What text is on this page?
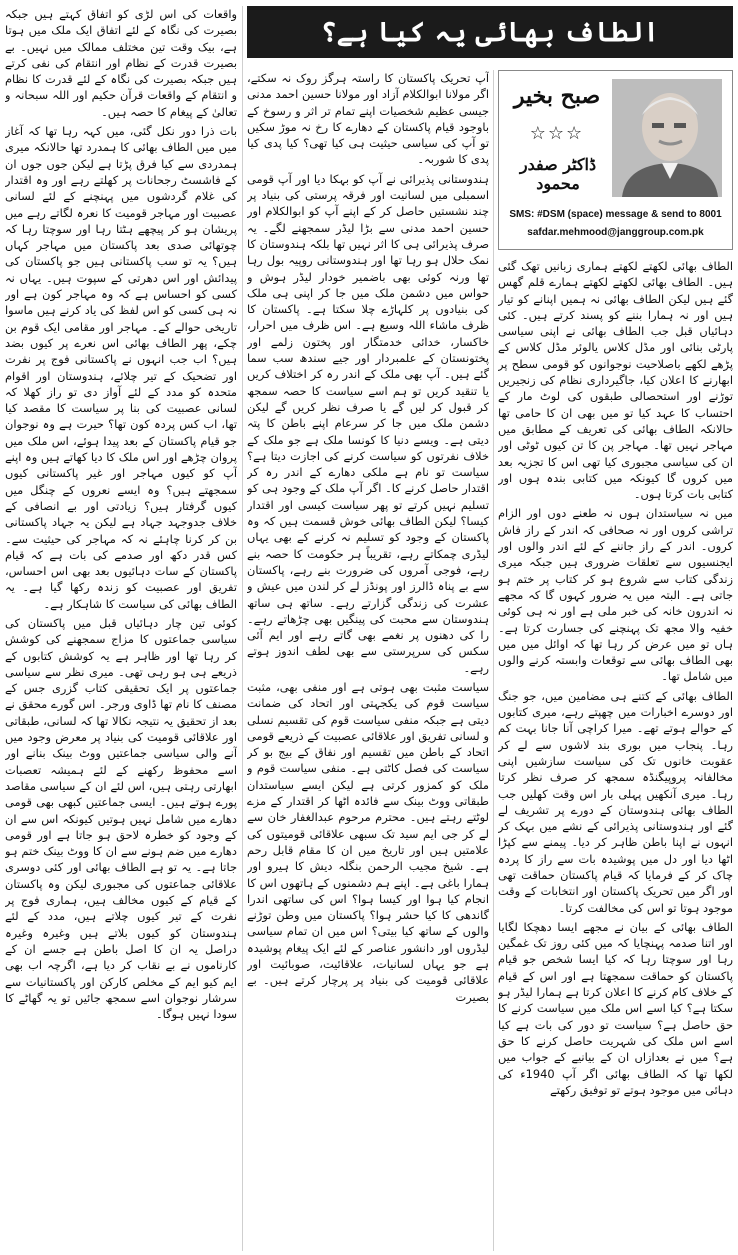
واقعات کی اس لڑی کو اتفاق کہتے ہیں جبکہ بصیرت کی نگاہ کے لئے اتفاق ایک ملک میں ہوتا ہے، بیک وقت تین مختلف ممالک میں نہیں۔ بے بصیرت قدرت کے نظام اور انتقام کی نفی کرتے ہیں جبکہ بصیرت کی نگاہ کے لئے قدرت کا نظام و انتقام کے واقعات قرآن حکیم اور اللہ سبحانہ و تعالیٰ کے پیغام کا حصہ ہیں۔

بات ذرا دور نکل گئی، میں کہہ رہا تھا کہ آغاز میں میں الطاف بھائی کا ہمدرد تھا حالانکہ میری ہمدردی سے کیا فرق پڑتا ہے لیکن جوں جوں ان کے فاشسٹ رجحانات پر کھلتے رہے اور وہ اقتدار کی غلام گردشوں میں پہنچنے کے لئے لسانی عصبیت اور مہاجر قومیت کا نعرہ لگاتے رہے میں پریشان ہو کر پیچھے ہٹتا رہا اور سوچتا رہا کہ چوتھائی صدی بعد پاکستان میں مہاجر کہاں ہیں؟ یہ تو سب پاکستانی ہیں جو پاکستان کی پیدائش اور اس دھرتی کے سپوت ہیں۔ یہاں نہ کسی کو احساس ہے کہ وہ مہاجر کون ہے اور نہ ہی کسی کو اس لفظ کی یاد کرنے ہیں ماسوا تاریخی حوالے کے۔ مہاجر اور مقامی ایک قوم بن چکے، پھر الطاف بھائی اس نعرے پر کیوں بضد ہیں؟ اب جب انہوں نے پاکستانی فوج پر نفرت اور تضحیک کے تیر چلائے، ہندوستان اور اقوام متحدہ کو مدد کے لئے آواز دی تو راز کھلا کہ لسانی عصبیت کی بنا پر سیاست کا مقصد کیا تھا، اب کس پردہ کون تھا؟ حیرت ہے وہ نوجوان جو قیام پاکستان کے بعد پیدا ہوئے، اس ملک میں پروان چڑھے اور اس ملک کا دیا کھاتے ہیں وہ اپنے آپ کو کیوں مہاجر اور غیر پاکستانی کیوں سمجھتے ہیں؟ وہ ایسے نعروں کے چنگل میں کیوں گرفتار ہیں؟ زیادتی اور بے انصافی کے خلاف جدوجہد جہاد ہے لیکن یہ جہاد پاکستانی بن کر کرنا چاہئے نہ کہ مہاجر کی حیثیت سے۔ کس قدر دکھ اور صدمے کی بات ہے کہ قیام پاکستان کے سات دہائیوں بعد بھی اس احساس، تفریق اور عصبیت کو زندہ رکھا گیا ہے۔ یہ الطاف بھائی کی سیاست کا شاہکار ہے۔

کوئی تین چار دہائیاں قبل میں پاکستان کی سیاسی جماعتوں کا مزاج سمجھنے کی کوشش کر رہا تھا اور ظاہر ہے یہ کوشش کتابوں کے ذریعے ہی ہو رہی تھی۔ میری نظر سے سیاسی جماعتوں پر ایک تحقیقی کتاب گزری جس کے مصنف کا نام تھا ڈاوی ورجر۔ اس گورے محقق نے بعد از تحقیق یہ نتیجہ نکالا تھا کہ لسانی، طبقاتی اور علاقائی قومیت کی بنیاد پر معرض وجود میں آنے والی سیاسی جماعتیں ووٹ بینک بنانے اور اسے محفوظ رکھنے کے لئے ہمیشہ تعصبات ابھارتی رہتی ہیں، اس لئے ان کے سیاسی مقاصد پورے ہوتے ہیں۔ ایسی جماعتیں کبھی بھی قومی دھارے میں شامل نہیں ہوتیں کیونکہ اس سے ان کے وجود کو خطرہ لاحق ہو جاتا ہے اور قومی دھارے میں ضم ہونے سے ان کا ووٹ بینک ختم ہو جاتا ہے۔ یہ تو ہے الطاف بھائی اور کئی دوسری علاقائی جماعتوں کی مجبوری لیکن وہ پاکستان کے قیام کے کیوں مخالف ہیں، ہماری فوج پر نفرت کے تیر کیوں چلاتے ہیں، مدد کے لئے ہندوستان کو کیوں بلاتے ہیں وغیرہ وغیرہ دراصل یہ ان کا اصل باطن ہے جسے ان کے کارناموں نے بے نقاب کر دیا ہے، اگرچہ اب بھی ایم کیو ایم کے مخلص کارکن اور پاکستانیات سے سرشار نوجوان اسے سمجھ جائیں تو یہ گھاٹے کا سودا نہیں ہوگا۔

الطاف بھائی یہ کیا ہے؟

آپ تحریک پاکستان کا راستہ ہرگز روک نہ سکتے، اگر مولانا ابوالکلام آزاد اور مولانا حسین احمد مدنی جیسی عظیم شخصیات اپنے تمام تر اثر و رسوخ کے باوجود قیام پاکستان کے دھارے کا رخ نہ موڑ سکیں تو آپ کی سیاسی حیثیت ہی کیا تھی؟ کیا پدی کیا پدی کا شوربہ۔

ہندوستانی پذیرائی نے آپ کو بہکا دیا اور آپ قومی اسمبلی میں لسانیت اور فرقہ پرستی کی بنیاد پر چند نشستیں حاصل کر کے اپنے آپ کو ابوالکلام اور حسین احمد مدنی سے بڑا لیڈر سمجھنے لگے۔ یہ صرف پذیرائی ہی کا اثر نہیں تھا بلکہ ہندوستان کا نمک حلال ہو رہا تھا اور ہندوستانی روپیہ بول رہا تھا ورنہ کوئی بھی باضمیر خودار لیڈر ہوش و حواس میں دشمن ملک میں جا کر اپنی ہی ملک کی بنیادوں پر کلہاڑے چلا سکتا ہے۔ پاکستان کا ظرف ماشاء اللہ وسیع ہے۔ اس ظرف میں احرار، خاکسار، خدائی خدمتگار اور پختون زلمے اور پختونستان کے علمبردار اور جیے سندھ سب سما گئے ہیں۔ آپ بھی ملک کے اندر رہ کر اختلاف کریں یا تنقید کریں تو ہم اسے سیاست کا حصہ سمجھ کر قبول کر لیں گے یا صرف نظر کریں گے لیکن دشمن ملک میں جا کر سرعام اپنے باطن کا پتہ دیتی ہے۔ ویسے دنیا کا کونسا ملک ہے جو ملک کے خلاف نفرتوں کو سیاست کرنے کی اجازت دیتا ہے؟ سیاست تو نام ہے ملکی دھارے کے اندر رہ کر اقتدار حاصل کرنے کا۔ اگر آپ ملک کے وجود ہی کو تسلیم نہیں کرتے تو پھر سیاست کیسی اور اقتدار کیسا؟ لیکن الطاف بھائی خوش قسمت ہیں کہ وہ پاکستان کے وجود کو تسلیم نہ کرنے کے بھی یہاں لیڈری چمکاتے رہے، تقریباً ہر حکومت کا حصہ بنے رہے، فوجی آمروں کی ضرورت بنے رہے، پاکستان سے بے پناہ ڈالرز اور پونڈز لے کر لندن میں عیش و عشرت کی زندگی گزارتے رہے۔ ساتھ ہی ساتھ ہندوستان سے محبت کی پینگیں بھی چڑھاتے رہے۔ را کی دھنوں پر نغمے بھی گاتے رہے اور ایم آئی سکس کی سرپرستی سے بھی لطف اندوز ہوتے رہے۔

سیاست مثبت بھی ہوتی ہے اور منفی بھی، مثبت سیاست قوم کی یکجہتی اور اتحاد کی ضمانت دیتی ہے جبکہ منفی سیاست قوم کی تقسیم نسلی و لسانی تفریق اور علاقائی عصبیت کے ذریعے قومی اتحاد کے باطن میں تقسیم اور نفاق کے بیج بو کر سیاست کی فصل کاٹتی ہے۔ منفی سیاست قوم و ملک کو کمزور کرتی ہے لیکن ایسے سیاستدان طبقاتی ووٹ بینک سے فائدہ اٹھا کر اقتدار کے مزے لوٹتے رہتے ہیں۔ محترم مرحوم عبدالغفار خان سے لے کر جی ایم سید تک سبھی علاقائی قومیتوں کی علامتیں ہیں اور تاریخ میں ان کا مقام قابل رحم ہے۔ شیخ مجیب الرحمن بنگلہ دیش کا ہیرو اور ہمارا باغی ہے۔ اپنے ہم دشمنوں کے ہاتھوں اس کا انجام کیا ہوا اور کیسا ہوا؟ اس کی ساتھی اندرا گاندھی کا کیا حشر ہوا؟ پاکستان میں وطن توڑنے والوں کے ساتھ کیا بیتی؟ اس میں ان تمام سیاسی لیڈروں اور دانشور عناصر کے لئے ایک پیغام پوشیدہ ہے جو یہاں لسانیات، علاقائیت، صوبائیت اور علاقائی قومیت کی بنیاد پر پرچار کرتے ہیں۔ بے بصیرت

صبح بخیر
☆☆☆
ڈاکٹر صفدر محمود
SMS: #DSM (space) message & send to 8001
safdar.mehmood@janggroup.com.pk

الطاف بھائی لکھتے لکھتے ہماری زبانیں تھک گئی ہیں۔ الطاف بھائی لکھتے لکھتے ہمارے قلم گھس گئے ہیں لیکن الطاف بھائی نہ ہمیں اپنانے کو تیار ہیں اور نہ ہمارا بننے کو پسند کرتے ہیں۔ کئی دہائیاں قبل جب الطاف بھائی نے اپنی سیاسی پارٹی بنائی اور مڈل کلاس یالوئر مڈل کلاس کے پڑھے لکھے باصلاحیت نوجوانوں کو قومی سطح پر ابھارنے کا اعلان کیا، جاگیرداری نظام کی زنجیریں توڑنے اور استحصالی طبقوں کی لوٹ مار کے احتساب کا عہد کیا تو میں بھی ان کا حامی تھا حالانکہ الطاف بھائی کی تعریف کے مطابق میں مہاجر نہیں تھا۔ مہاجر پن کا تن کیوں ٹوٹی اور ان کی سیاسی مجبوری کیا تھی اس کا تجزیہ بعد میں کروں گا کیونکہ میں کتابی بندہ ہوں اور کتابی بات کرتا ہوں۔

میں نہ سیاستدان ہوں نہ طعنے دوں اور الزام تراشی کروں اور نہ صحافی کہ اندر کے راز فاش کروں۔ اندر کے راز جاننے کے لئے اندر والوں اور ایجنسیوں سے تعلقات ضروری ہیں جبکہ میری زندگی کتاب سے شروع ہو کر کتاب پر ختم ہو جاتی ہے۔ البتہ میں یہ ضرور کہوں گا کہ مجھے نہ اندرون خانہ کی خبر ملی ہے اور نہ ہی کوئی خفیہ والا مجھ تک پہنچنے کی جسارت کرتا ہے۔ ہاں تو میں عرض کر رہا تھا کہ اوائل میں میں بھی الطاف بھائی سے توقعات وابستہ کرنے والوں میں شامل تھا۔

الطاف بھائی کے کتنے ہی مضامین میں، جو جنگ اور دوسرے اخبارات میں چھپتے رہے، میری کتابوں کے حوالے ہوتے تھے۔ میرا کراچی آنا جانا بہت کم رہا۔ پنجاب میں بوری بند لاشوں سے لے کر عقوبت خانوں تک کی سیاست سازشیں اپنی مخالفانہ پروپیگنڈہ سمجھ کر صرف نظر کرتا رہا۔ میری آنکھیں پہلی بار اس وقت کھلیں جب الطاف بھائی ہندوستان کے دورے پر تشریف لے گئے اور ہندوستانی پذیرائی کے نشے میں بہک کر انہوں نے اپنا باطن ظاہر کر دیا۔ پیمنے سے کپڑا اٹھا دیا اور دل میں پوشیدہ بات سے راز کا پردہ چاک کر کے فرمایا کہ قیام پاکستان حماقت تھی اور اگر میں تحریک پاکستان اور انتخابات کے وقت موجود ہوتا تو اس کی مخالفت کرتا۔

الطاف بھائی کے بیان نے مجھے ایسا دھچکا لگایا اور اتنا صدمہ پہنچایا کہ میں کئی روز تک غمگین رہا اور سوچتا رہا کہ کیا ایسا شخص جو قیام پاکستان کو حماقت سمجھتا ہے اور اس کے قیام کے خلاف کام کرنے کا اعلان کرتا ہے ہمارا لیڈر ہو سکتا ہے؟ کیا اسے اس ملک میں سیاست کرنے کا حق حاصل ہے؟ سیاست تو دور کی بات ہے کیا اسے اس ملک کی شہریت حاصل کرنے کا حق ہے؟ میں نے بعدازاں ان کے بیانیے کے جواب میں لکھا تھا کہ الطاف بھائی اگر آپ 1940ء کی دہائی میں موجود ہوتے تو توفیق رکھتے
